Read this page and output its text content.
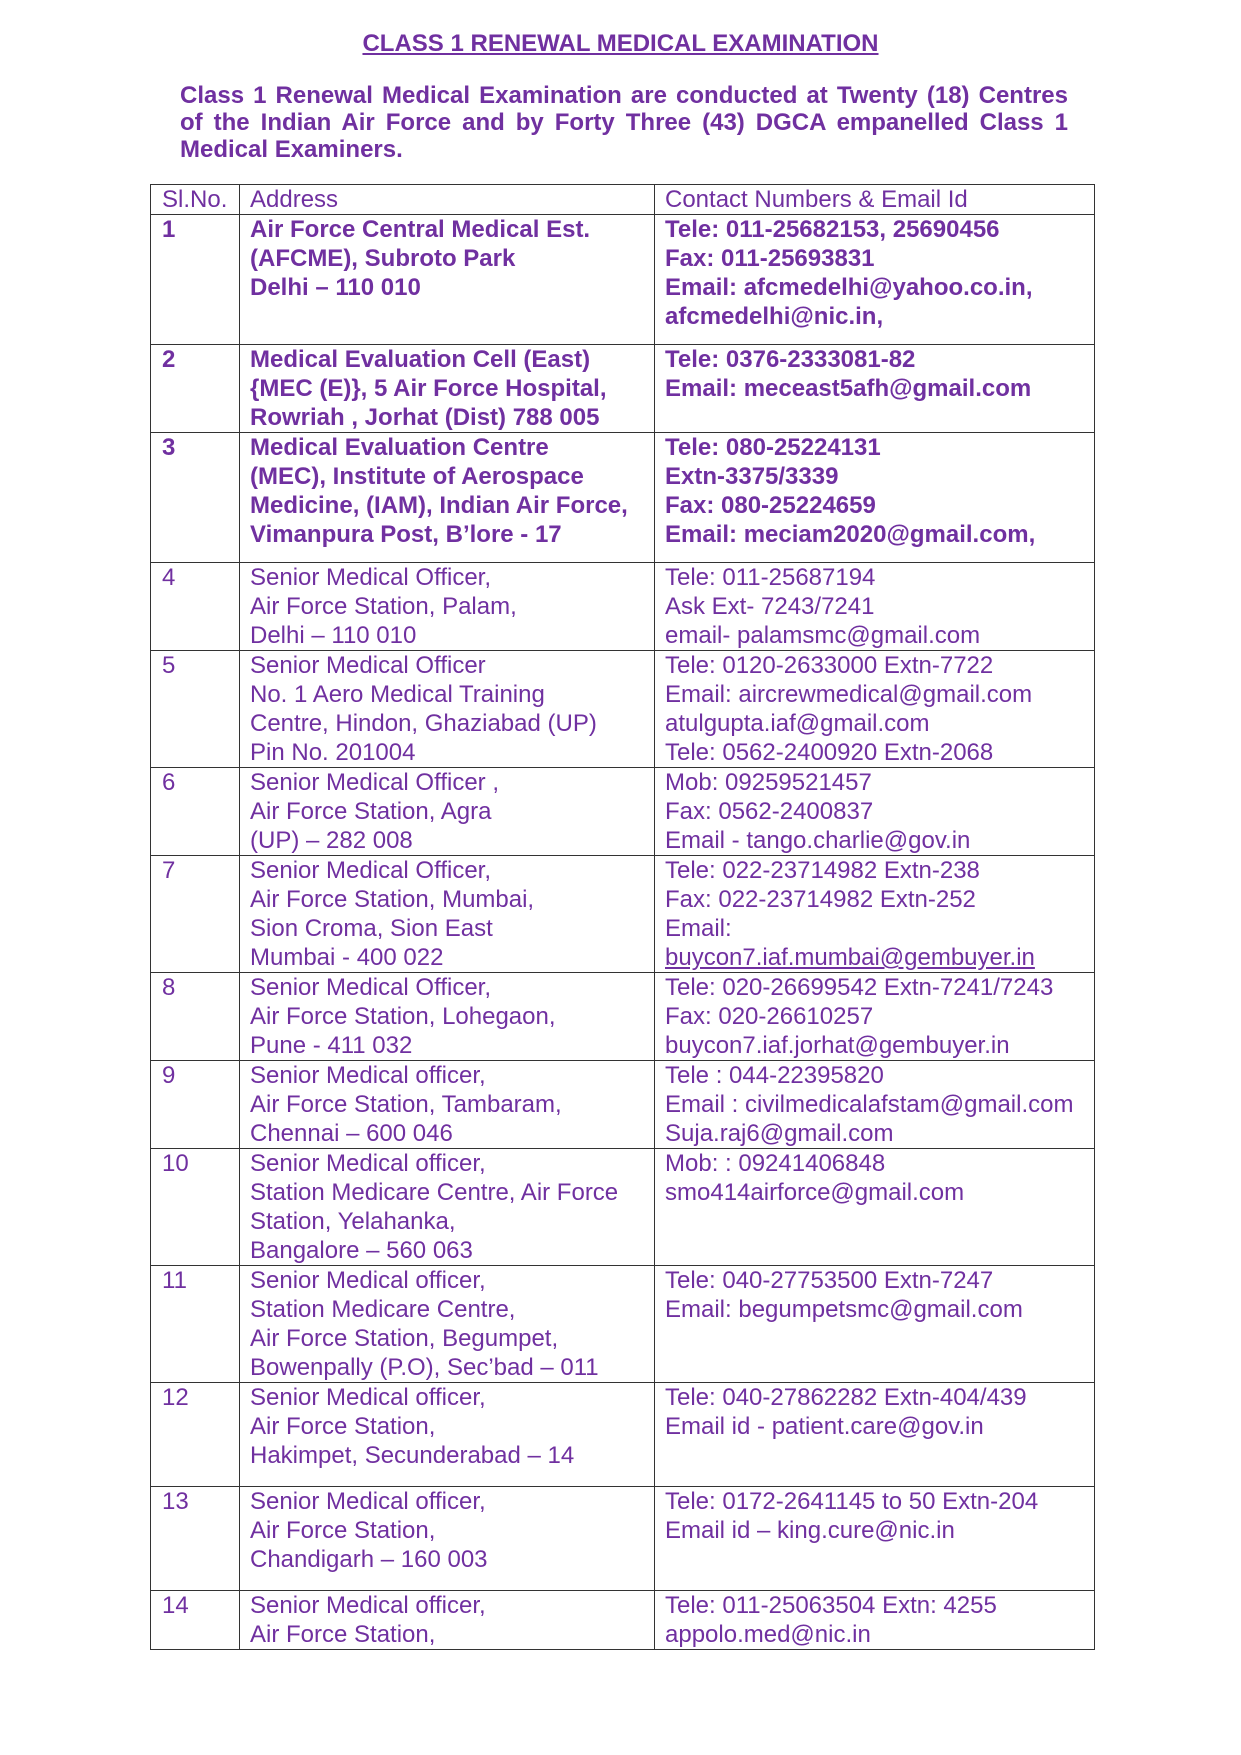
CLASS 1 RENEWAL MEDICAL EXAMINATION

Class 1 Renewal Medical Examination are conducted at Twenty (18) Centres of the Indian Air Force and by Forty Three (43) DGCA empanelled Class 1 Medical Examiners.

Sl.No.	Address	Contact Numbers & Email Id
1	Air Force Central Medical Est.
(AFCME), Subroto Park
Delhi – 110 010	Tele: 011-25682153, 25690456
Fax: 011-25693831
Email: afcmedelhi@yahoo.co.in,
afcmedelhi@nic.in,

2	Medical Evaluation Cell (East)
{MEC (E)}, 5 Air Force Hospital,
Rowriah , Jorhat (Dist) 788 005	Tele: 0376-2333081-82
Email: meceast5afh@gmail.com

3	Medical Evaluation Centre
(MEC), Institute of Aerospace
Medicine, (IAM), Indian Air Force,
Vimanpura Post, B’lore - 17	Tele: 080-25224131
Extn-3375/3339
Fax: 080-25224659
Email: meciam2020@gmail.com,

4	Senior Medical Officer,
Air Force Station, Palam,
Delhi – 110 010	Tele: 011-25687194
Ask Ext- 7243/7241
email- palamsmc@gmail.com

5	Senior Medical Officer
No. 1 Aero Medical Training
Centre, Hindon, Ghaziabad (UP)
Pin No. 201004	Tele: 0120-2633000 Extn-7722
Email: aircrewmedical@gmail.com
atulgupta.iaf@gmail.com
Tele: 0562-2400920 Extn-2068

6	Senior Medical Officer ,
Air Force Station, Agra
(UP) – 282 008	Mob: 09259521457
Fax: 0562-2400837
Email - tango.charlie@gov.in

7	Senior Medical Officer,
Air Force Station, Mumbai,
Sion Croma, Sion East
Mumbai - 400 022	Tele: 022-23714982 Extn-238
Fax: 022-23714982 Extn-252
Email:
buycon7.iaf.mumbai@gembuyer.in

8	Senior Medical Officer,
Air Force Station, Lohegaon,
Pune - 411 032	Tele: 020-26699542 Extn-7241/7243
Fax: 020-26610257
buycon7.iaf.jorhat@gembuyer.in

9	Senior Medical officer,
Air Force Station, Tambaram,
Chennai – 600 046	Tele : 044-22395820
Email : civilmedicalafstam@gmail.com
Suja.raj6@gmail.com

10	Senior Medical officer,
Station Medicare Centre, Air Force
Station, Yelahanka,
Bangalore – 560 063	Mob: : 09241406848
smo414airforce@gmail.com

11	Senior Medical officer,
Station Medicare Centre,
Air Force Station, Begumpet,
Bowenpally (P.O), Sec’bad – 011	Tele: 040-27753500 Extn-7247
Email: begumpetsmc@gmail.com

12	Senior Medical officer,
Air Force Station,
Hakimpet, Secunderabad – 14	Tele: 040-27862282 Extn-404/439
Email id - patient.care@gov.in

13	Senior Medical officer,
Air Force Station,
Chandigarh – 160 003	Tele: 0172-2641145 to 50 Extn-204
Email id – king.cure@nic.in

14	Senior Medical officer,
Air Force Station,	Tele: 011-25063504 Extn: 4255
appolo.med@nic.in
